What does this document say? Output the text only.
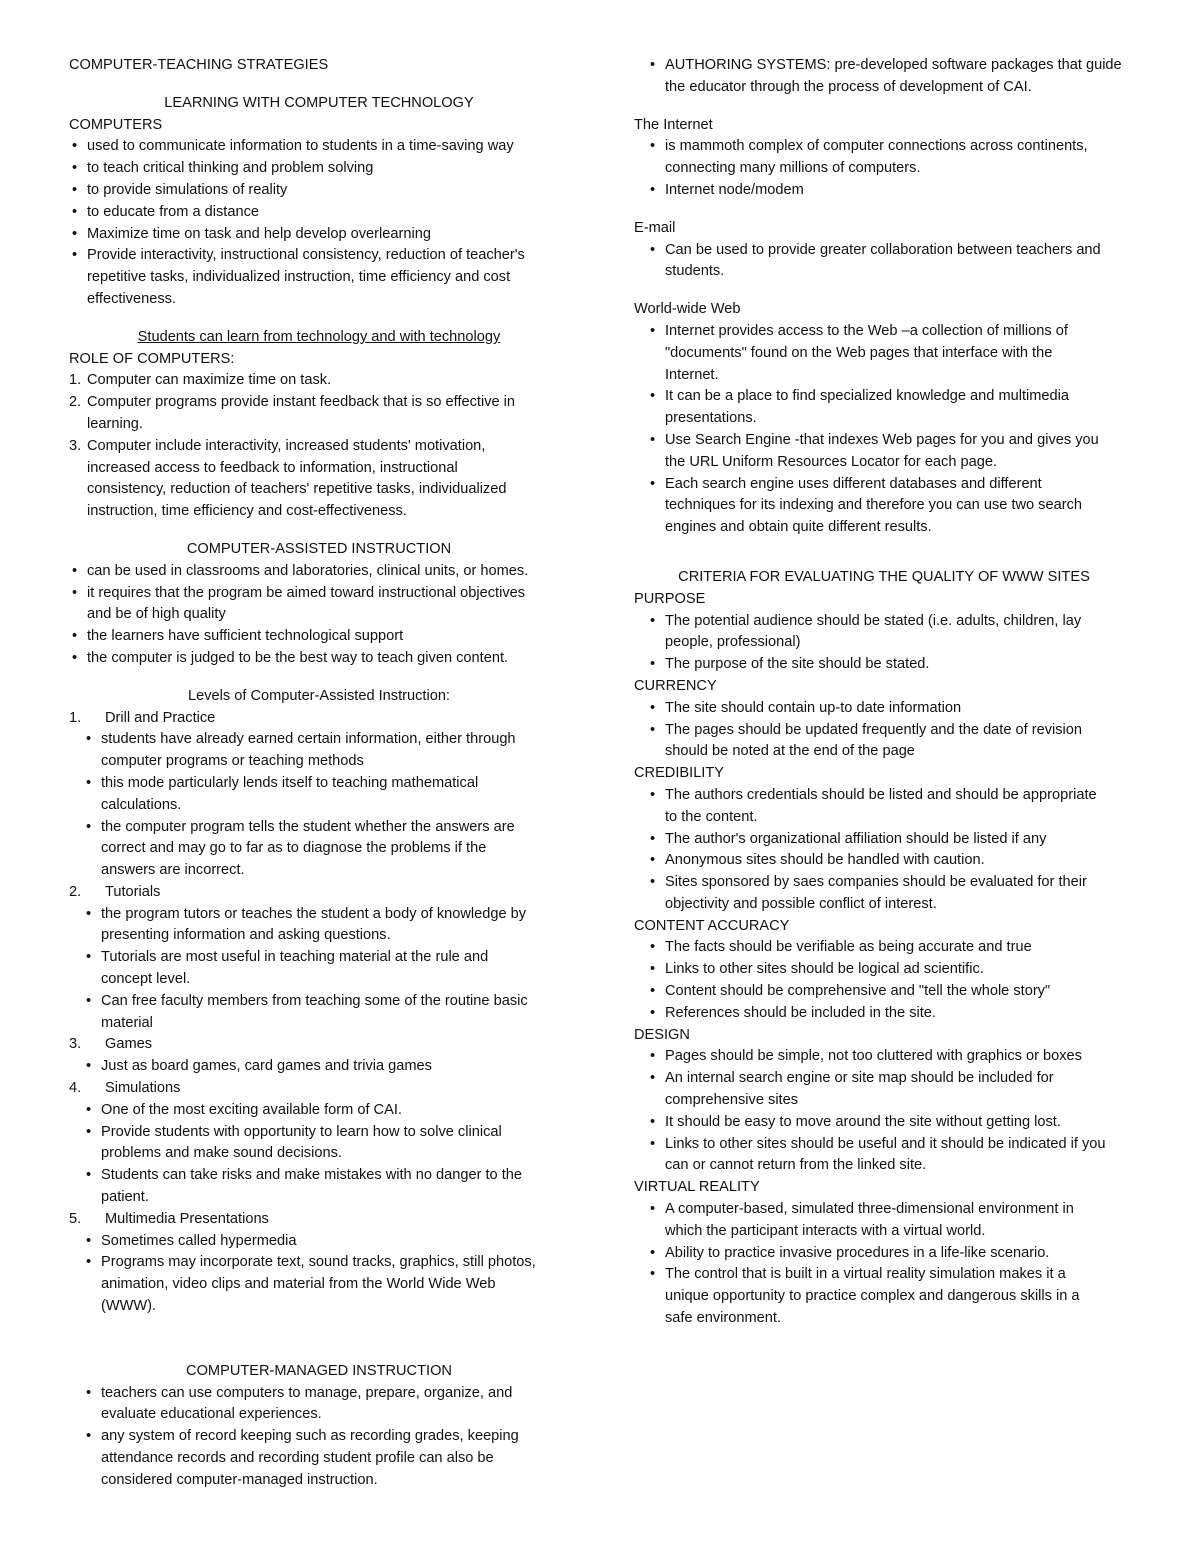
COMPUTER-TEACHING STRATEGIES
LEARNING WITH COMPUTER TECHNOLOGY
COMPUTERS
• used to communicate information to students in a time-saving way
• to teach critical thinking and problem solving
• to provide simulations of reality
• to educate from a distance
• Maximize time on task and help develop overlearning
• Provide interactivity, instructional consistency, reduction of teacher's
repetitive tasks, individualized instruction, time efficiency and cost
effectiveness.
Students can learn from technology and with technology
ROLE OF COMPUTERS:
1. Computer can maximize time on task.
2. Computer programs provide instant feedback that is so effective in
learning.
3. Computer include interactivity, increased students' motivation,
increased access to feedback to information, instructional
consistency, reduction of teachers' repetitive tasks, individualized
instruction, time efficiency and cost-effectiveness.
COMPUTER-ASSISTED INSTRUCTION
• can be used in classrooms and laboratories, clinical units, or homes.
• it requires that the program be aimed toward instructional objectives
and be of high quality
• the learners have sufficient technological support
• the computer is judged to be the best way to teach given content.
Levels of Computer-Assisted Instruction:
1. Drill and Practice
• students have already earned certain information, either through
computer programs or teaching methods
• this mode particularly lends itself to teaching mathematical
calculations.
• the computer program tells the student whether the answers are
correct and may go to far as to diagnose the problems if the
answers are incorrect.
2. Tutorials
• the program tutors or teaches the student a body of knowledge by
presenting information and asking questions.
• Tutorials are most useful in teaching material at the rule and
concept level.
• Can free faculty members from teaching some of the routine basic
material
3. Games
• Just as board games, card games and trivia games
4. Simulations
• One of the most exciting available form of CAI.
• Provide students with opportunity to learn how to solve clinical
problems and make sound decisions.
• Students can take risks and make mistakes with no danger to the
patient.
5. Multimedia Presentations
• Sometimes called hypermedia
• Programs may incorporate text, sound tracks, graphics, still photos,
animation, video clips and material from the World Wide Web
(WWW).
COMPUTER-MANAGED INSTRUCTION
• teachers can use computers to manage, prepare, organize, and
evaluate educational experiences.
• any system of record keeping such as recording grades, keeping
attendance records and recording student profile can also be
considered computer-managed instruction.
• AUTHORING SYSTEMS: pre-developed software packages that guide
the educator through the process of development of CAI.
The Internet
• is mammoth complex of computer connections across continents,
connecting many millions of computers.
• Internet node/modem
E-mail
• Can be used to provide greater collaboration between teachers and
students.
World-wide Web
• Internet provides access to the Web –a collection of millions of
"documents" found on the Web pages that interface with the
Internet.
• It can be a place to find specialized knowledge and multimedia
presentations.
• Use Search Engine -that indexes Web pages for you and gives you
the URL Uniform Resources Locator for each page.
• Each search engine uses different databases and different
techniques for its indexing and therefore you can use two search
engines and obtain quite different results.
CRITERIA FOR EVALUATING THE QUALITY OF WWW SITES
PURPOSE
• The potential audience should be stated (i.e. adults, children, lay
people, professional)
• The purpose of the site should be stated.
CURRENCY
• The site should contain up-to date information
• The pages should be updated frequently and the date of revision
should be noted at the end of the page
CREDIBILITY
• The authors credentials should be listed and should be appropriate
to the content.
• The author's organizational affiliation should be listed if any
• Anonymous sites should be handled with caution.
• Sites sponsored by saes companies should be evaluated for their
objectivity and possible conflict of interest.
CONTENT ACCURACY
• The facts should be verifiable as being accurate and true
• Links to other sites should be logical ad scientific.
• Content should be comprehensive and "tell the whole story"
• References should be included in the site.
DESIGN
• Pages should be simple, not too cluttered with graphics or boxes
• An internal search engine or site map should be included for
comprehensive sites
• It should be easy to move around the site without getting lost.
• Links to other sites should be useful and it should be indicated if you
can or cannot return from the linked site.
VIRTUAL REALITY
• A computer-based, simulated three-dimensional environment in
which the participant interacts with a virtual world.
• Ability to practice invasive procedures in a life-like scenario.
• The control that is built in a virtual reality simulation makes it a
unique opportunity to practice complex and dangerous skills in a
safe environment.
